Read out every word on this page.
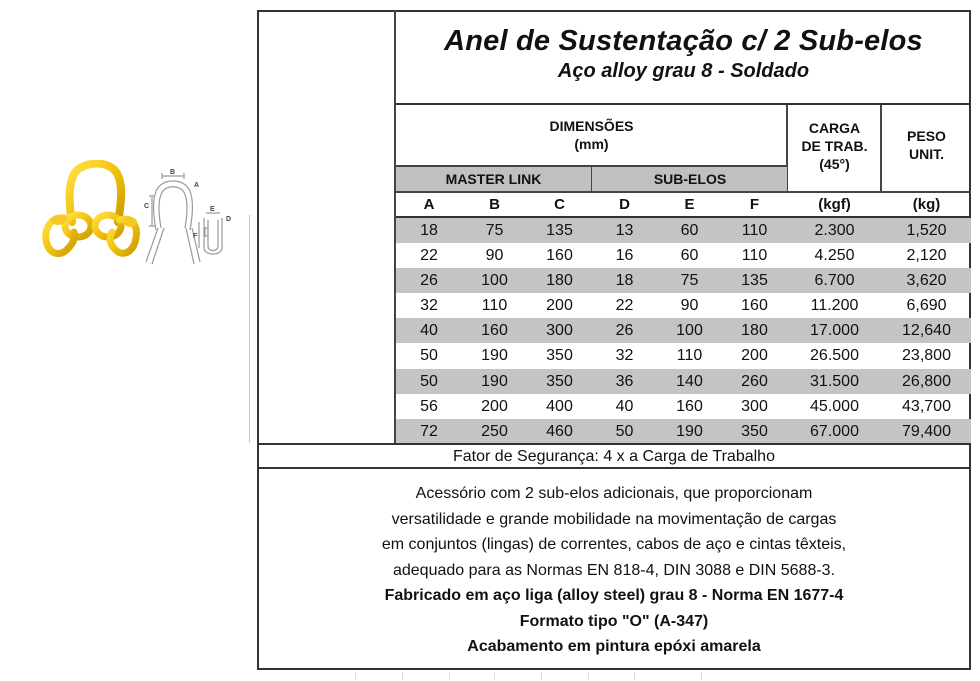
B
A
C	E
D
F
Anel de Sustentação c/ 2 Sub-elos
Aço alloy grau 8 - Soldado
DIMENSÕES
(mm)
CARGA
DE TRAB.
(45°)
PESO
UNIT.
MASTER LINK	SUB-ELOS
A	B	C	D	E	F	(kgf)	(kg)
18	75	135	13	60	110	2.300	1,520
22	90	160	16	60	110	4.250	2,120
26	100	180	18	75	135	6.700	3,620
32	110	200	22	90	160	11.200	6,690
40	160	300	26	100	180	17.000	12,640
50	190	350	32	110	200	26.500	23,800
50	190	350	36	140	260	31.500	26,800
56	200	400	40	160	300	45.000	43,700
72	250	460	50	190	350	67.000	79,400
Fator de Segurança: 4 x a Carga de Trabalho
Acessório com 2 sub-elos adicionais, que proporcionam
versatilidade e grande mobilidade na movimentação de cargas
em conjuntos (lingas) de correntes, cabos de aço e cintas têxteis,
adequado para as Normas EN 818-4, DIN 3088 e DIN 5688-3.
Fabricado em aço liga (alloy steel) grau 8 - Norma EN 1677-4
Formato tipo "O" (A-347)
Acabamento em pintura epóxi amarela
